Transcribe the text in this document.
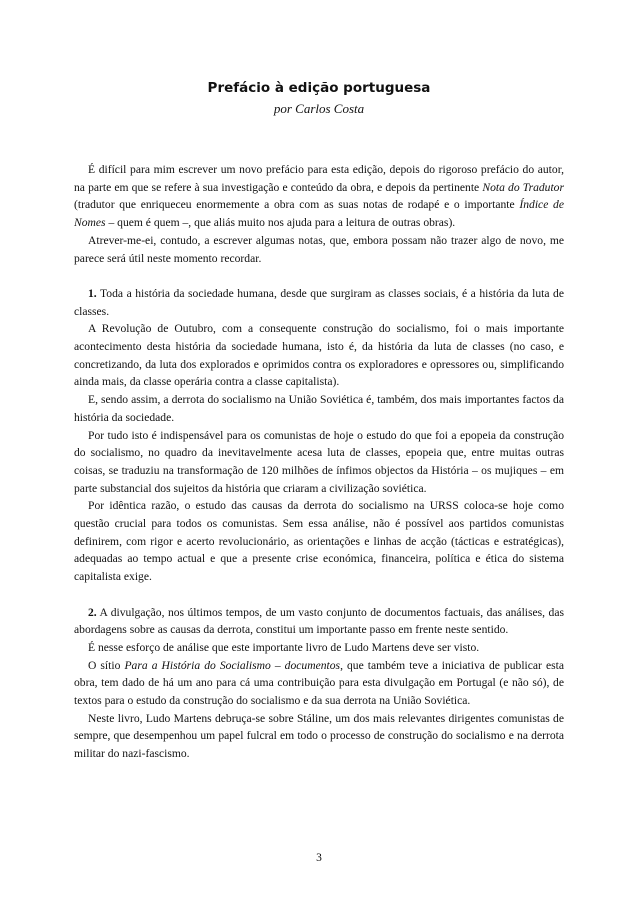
Prefácio à edição portuguesa

por Carlos Costa

É difícil para mim escrever um novo prefácio para esta edição, depois do rigoroso prefácio do autor, na parte em que se refere à sua investigação e conteúdo da obra, e depois da pertinente Nota do Tradutor (tradutor que enriqueceu enormemente a obra com as suas notas de rodapé e o importante Índice de Nomes – quem é quem –, que aliás muito nos ajuda para a leitura de outras obras).

Atrever-me-ei, contudo, a escrever algumas notas, que, embora possam não trazer algo de novo, me parece será útil neste momento recordar.

1. Toda a história da sociedade humana, desde que surgiram as classes sociais, é a história da luta de classes.

A Revolução de Outubro, com a consequente construção do socialismo, foi o mais importante acontecimento desta história da sociedade humana, isto é, da história da luta de classes (no caso, e concretizando, da luta dos explorados e oprimidos contra os exploradores e opressores ou, simplificando ainda mais, da classe operária contra a classe capitalista).

E, sendo assim, a derrota do socialismo na União Soviética é, também, dos mais importantes factos da história da sociedade.

Por tudo isto é indispensável para os comunistas de hoje o estudo do que foi a epopeia da construção do socialismo, no quadro da inevitavelmente acesa luta de classes, epopeia que, entre muitas outras coisas, se traduziu na transformação de 120 milhões de ínfimos objectos da História – os mujiques – em parte substancial dos sujeitos da história que criaram a civilização soviética.

Por idêntica razão, o estudo das causas da derrota do socialismo na URSS coloca-se hoje como questão crucial para todos os comunistas. Sem essa análise, não é possível aos partidos comunistas definirem, com rigor e acerto revolucionário, as orientações e linhas de acção (tácticas e estratégicas), adequadas ao tempo actual e que a presente crise económica, financeira, política e ética do sistema capitalista exige.

2. A divulgação, nos últimos tempos, de um vasto conjunto de documentos factuais, das análises, das abordagens sobre as causas da derrota, constitui um importante passo em frente neste sentido.

É nesse esforço de análise que este importante livro de Ludo Martens deve ser visto.

O sítio Para a História do Socialismo – documentos, que também teve a iniciativa de publicar esta obra, tem dado de há um ano para cá uma contribuição para esta divulgação em Portugal (e não só), de textos para o estudo da construção do socialismo e da sua derrota na União Soviética.

Neste livro, Ludo Martens debruça-se sobre Stáline, um dos mais relevantes dirigentes comunistas de sempre, que desempenhou um papel fulcral em todo o processo de construção do socialismo e na derrota militar do nazi-fascismo.

3
